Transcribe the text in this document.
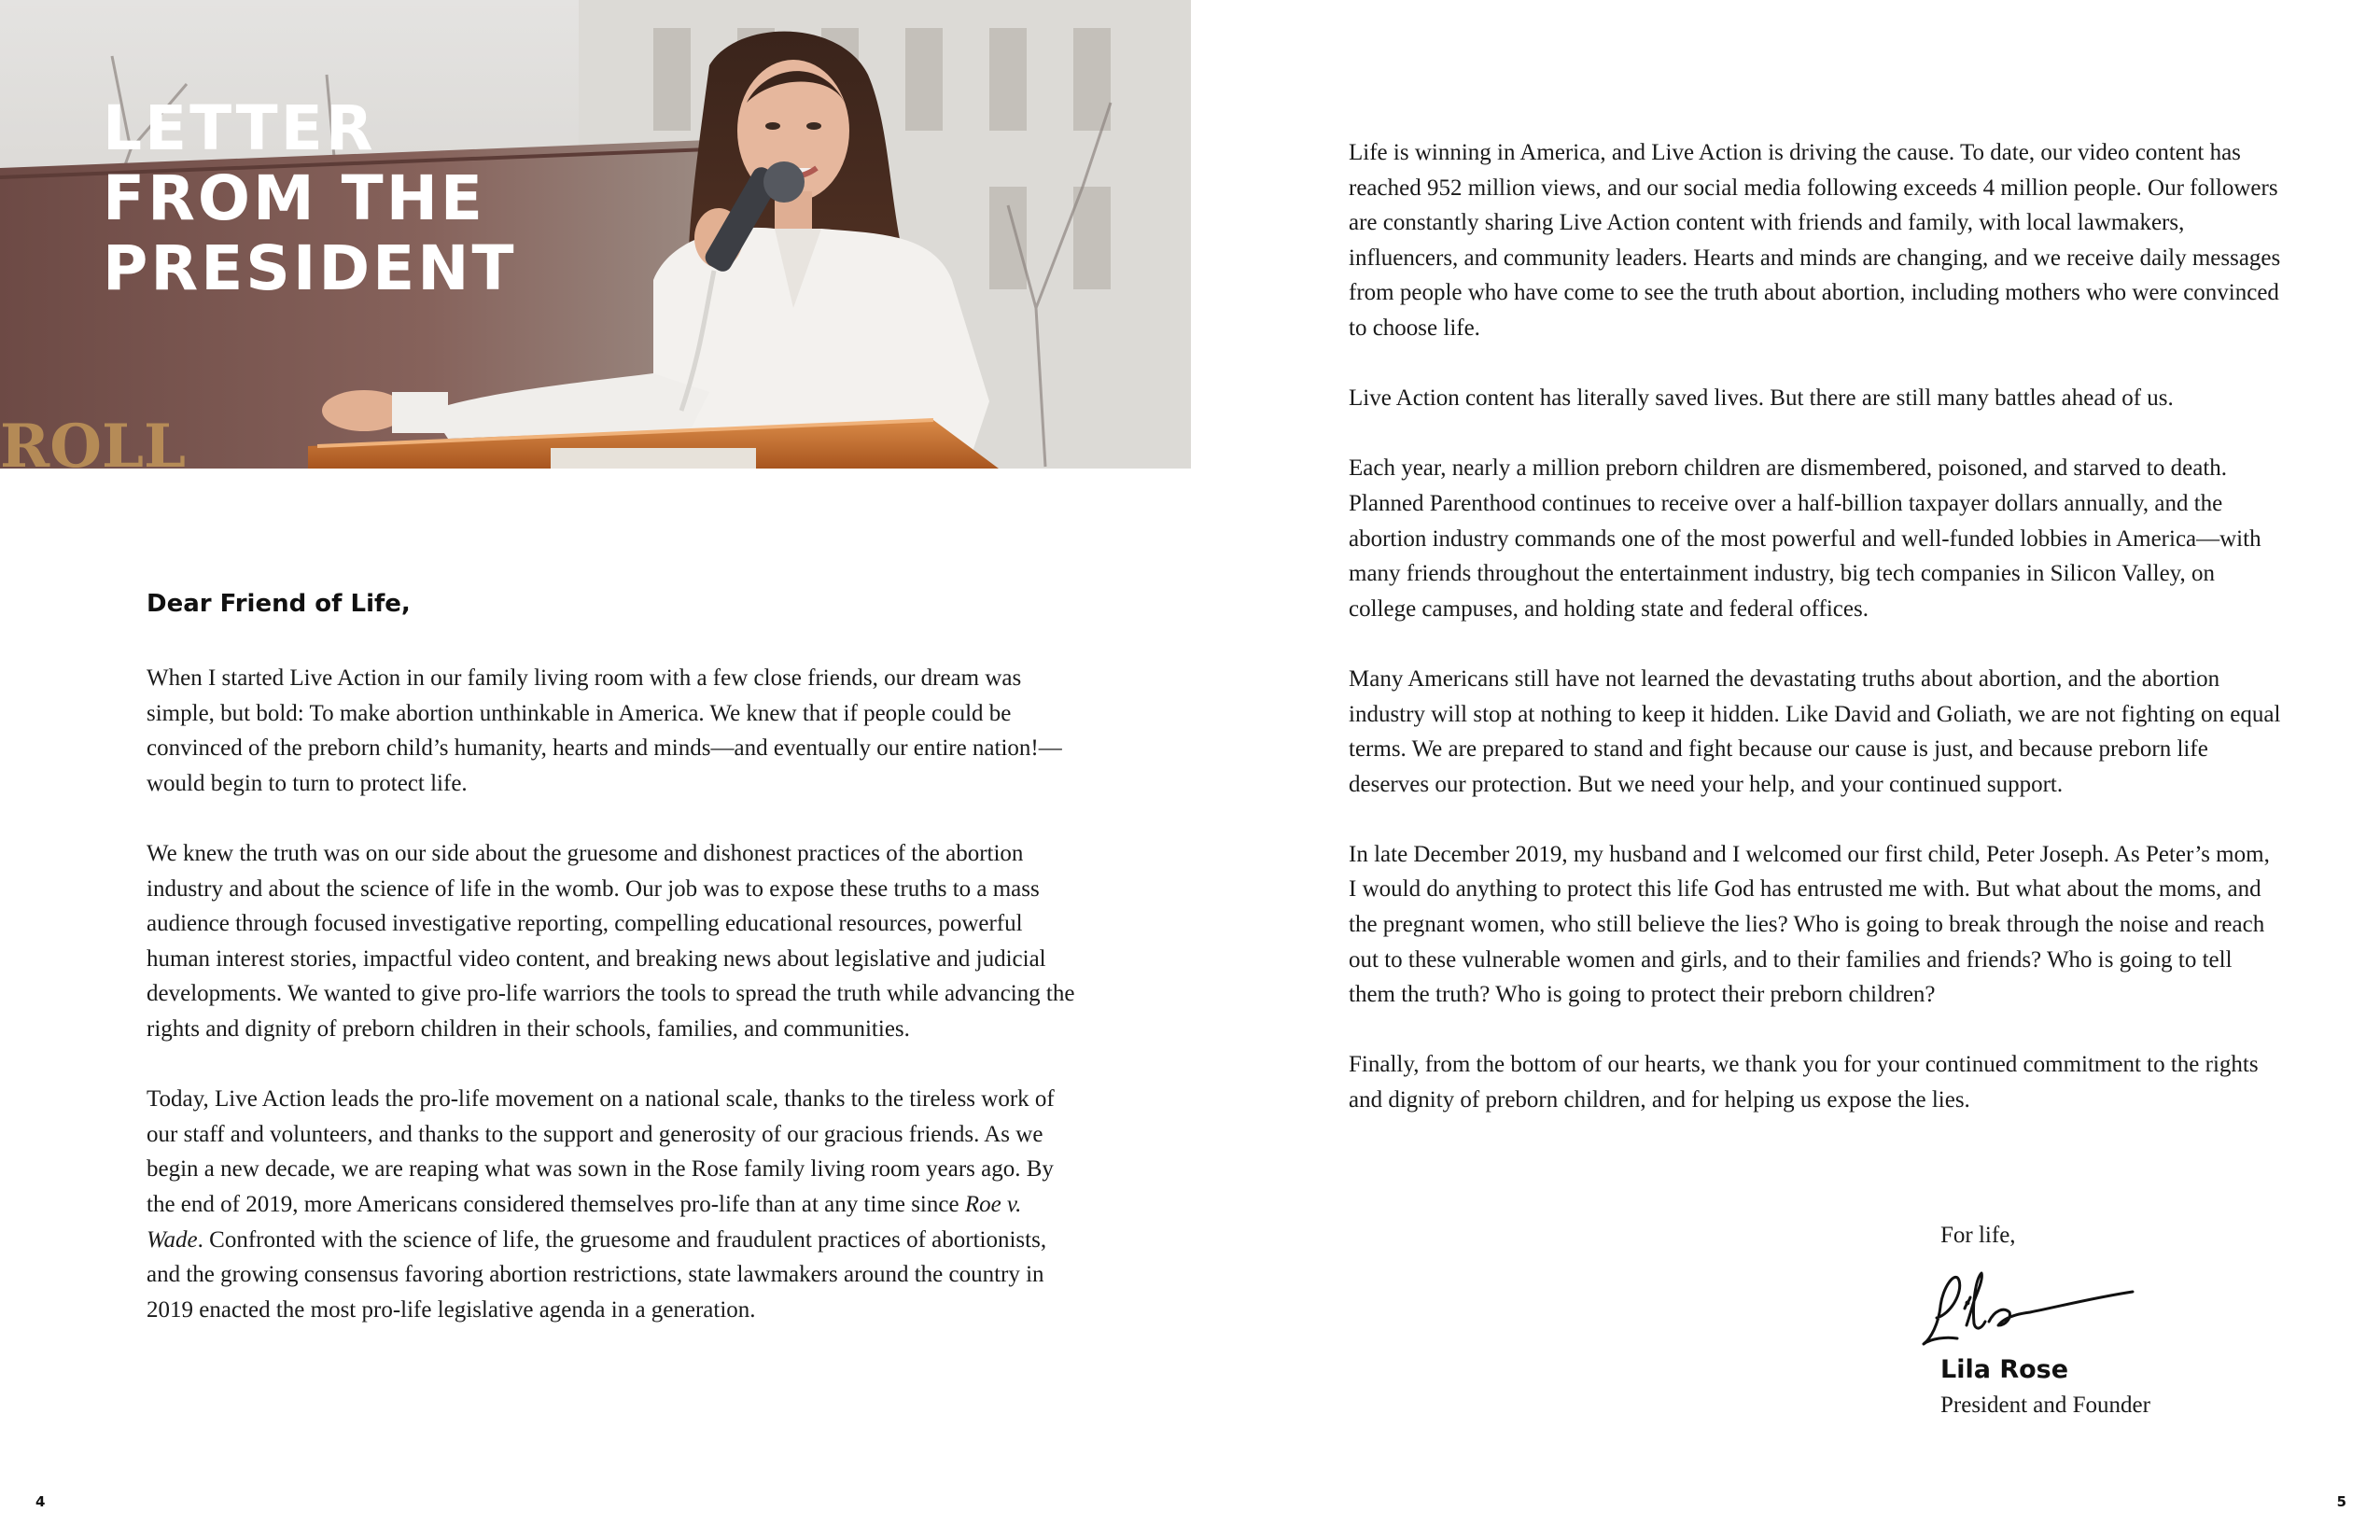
ROLL
LETTER
FROM THE
PRESIDENT
Dear Friend of Life,

When I started Live Action in our family living room with a few close friends, our dream was simple, but bold: To make abortion unthinkable in America. We knew that if people could be convinced of the preborn child’s humanity, hearts and minds—and eventually our entire nation!—would begin to turn to protect life.

We knew the truth was on our side about the gruesome and dishonest practices of the abortion industry and about the science of life in the womb. Our job was to expose these truths to a mass audience through focused investigative reporting, compelling educational resources, powerful human interest stories, impactful video content, and breaking news about legislative and judicial developments. We wanted to give pro-life warriors the tools to spread the truth while advancing the rights and dignity of preborn children in their schools, families, and communities.

Today, Live Action leads the pro-life movement on a national scale, thanks to the tireless work of our staff and volunteers, and thanks to the support and generosity of our gracious friends. As we begin a new decade, we are reaping what was sown in the Rose family living room years ago. By the end of 2019, more Americans considered themselves pro-life than at any time since Roe v. Wade. Confronted with the science of life, the gruesome and fraudulent practices of abortionists, and the growing consensus favoring abortion restrictions, state lawmakers around the country in 2019 enacted the most pro-life legislative agenda in a generation.

4

Life is winning in America, and Live Action is driving the cause. To date, our video content has reached 952 million views, and our social media following exceeds 4 million people. Our followers are constantly sharing Live Action content with friends and family, with local lawmakers, influencers, and community leaders. Hearts and minds are changing, and we receive daily messages from people who have come to see the truth about abortion, including mothers who were convinced to choose life.

Live Action content has literally saved lives. But there are still many battles ahead of us.

Each year, nearly a million preborn children are dismembered, poisoned, and starved to death. Planned Parenthood continues to receive over a half-billion taxpayer dollars annually, and the abortion industry commands one of the most powerful and well-funded lobbies in America—with many friends throughout the entertainment industry, big tech companies in Silicon Valley, on college campuses, and holding state and federal offices.

Many Americans still have not learned the devastating truths about abortion, and the abortion industry will stop at nothing to keep it hidden. Like David and Goliath, we are not fighting on equal terms. We are prepared to stand and fight because our cause is just, and because preborn life deserves our protection. But we need your help, and your continued support.

In late December 2019, my husband and I welcomed our first child, Peter Joseph. As Peter’s mom, I would do anything to protect this life God has entrusted me with. But what about the moms, and the pregnant women, who still believe the lies? Who is going to break through the noise and reach out to these vulnerable women and girls, and to their families and friends? Who is going to tell them the truth? Who is going to protect their preborn children?

Finally, from the bottom of our hearts, we thank you for your continued commitment to the rights and dignity of preborn children, and for helping us expose the lies.

For life,

Lila Rose

President and Founder

5
